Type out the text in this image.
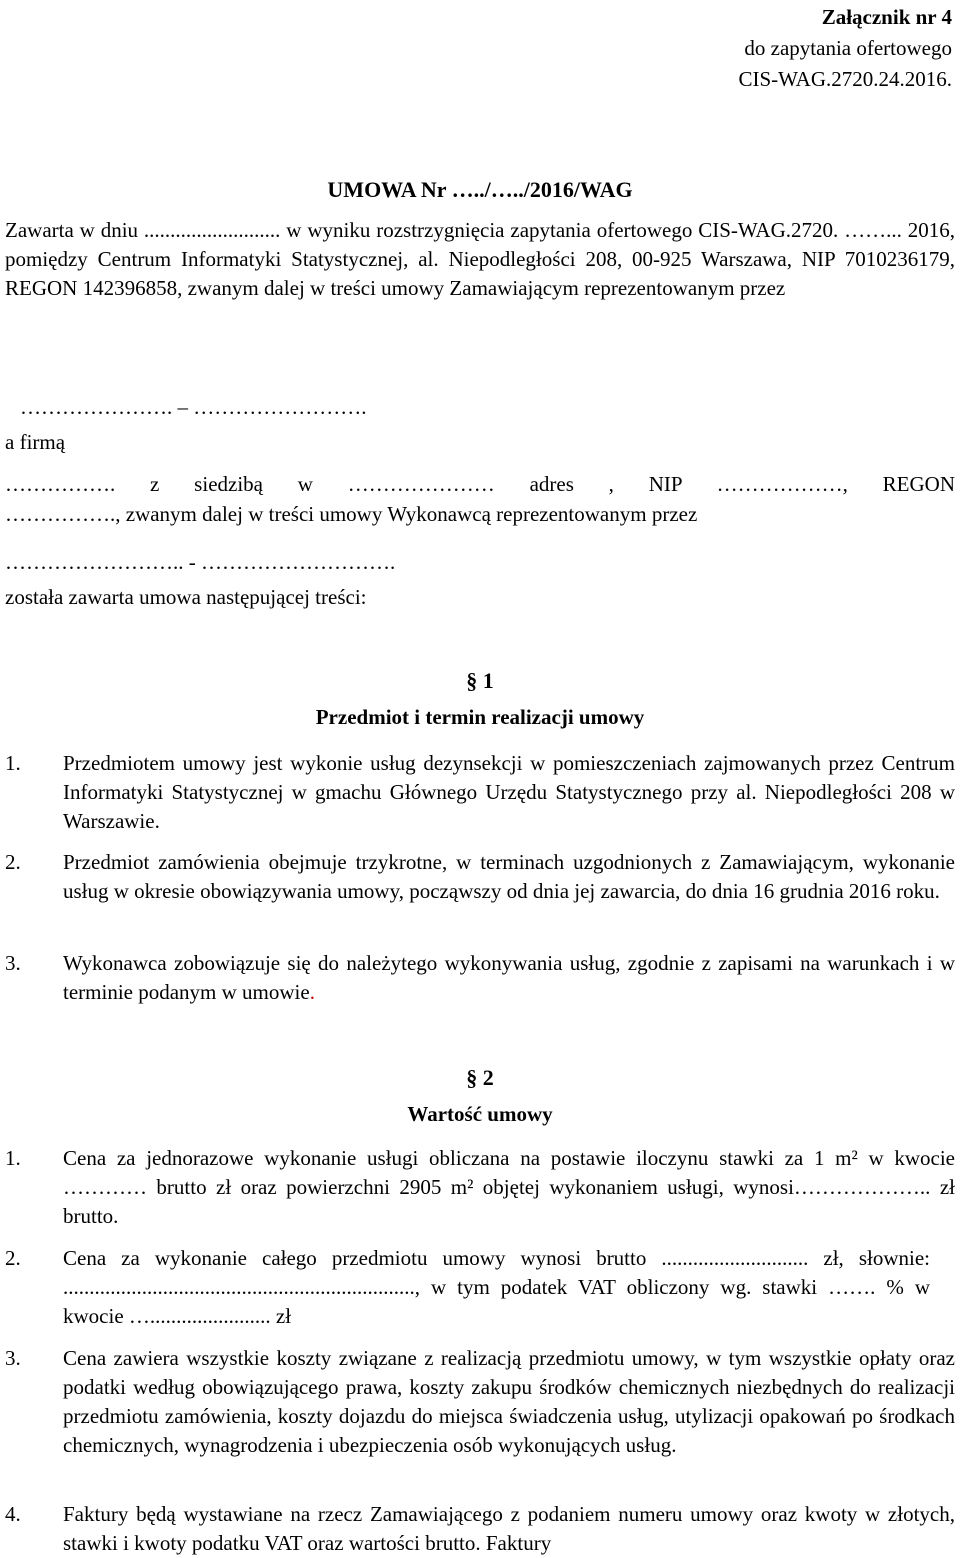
Załącznik nr 4
do zapytania ofertowego
CIS-WAG.2720.24.2016.
UMOWA Nr …../…../2016/WAG
Zawarta w dniu .......................... w wyniku rozstrzygnięcia zapytania ofertowego CIS-WAG.2720. ……... 2016, pomiędzy Centrum Informatyki Statystycznej, al. Niepodległości 208, 00-925 Warszawa, NIP 7010236179, REGON 142396858, zwanym dalej w treści umowy Zamawiającym reprezentowanym przez
…………………. – …………………….
a firmą
……………. z siedzibą w ………………… adres , NIP ………………, REGON
……………., zwanym dalej w treści umowy Wykonawcą reprezentowanym przez
…………………….. - ……………………….
została zawarta umowa następującej treści:
§ 1
Przedmiot i termin realizacji umowy
1. Przedmiotem umowy jest wykonie usług dezynsekcji w pomieszczeniach zajmowanych przez Centrum Informatyki Statystycznej w gmachu Głównego Urzędu Statystycznego przy al. Niepodległości 208 w Warszawie.
2. Przedmiot zamówienia obejmuje trzykrotne, w terminach uzgodnionych z Zamawiającym, wykonanie usług w okresie obowiązywania umowy, począwszy od dnia jej zawarcia, do dnia 16 grudnia 2016 roku.
3. Wykonawca zobowiązuje się do należytego wykonywania usług, zgodnie z zapisami na warunkach i w terminie podanym w umowie.
§ 2
Wartość umowy
1. Cena za jednorazowe wykonanie usługi obliczana na postawie iloczynu stawki za 1 m² w kwocie ………… brutto zł oraz powierzchni 2905 m² objętej wykonaniem usługi, wynosi……………….. zł brutto.
2. Cena za wykonanie całego przedmiotu umowy wynosi brutto ............................ zł, słownie: ..................................................................., w tym podatek VAT obliczony wg. stawki ……. % w kwocie …....................... zł
3. Cena zawiera wszystkie koszty związane z realizacją przedmiotu umowy, w tym wszystkie opłaty oraz podatki według obowiązującego prawa, koszty zakupu środków chemicznych niezbędnych do realizacji przedmiotu zamówienia, koszty dojazdu do miejsca świadczenia usług, utylizacji opakowań po środkach chemicznych, wynagrodzenia i ubezpieczenia osób wykonujących usług.
4. Faktury będą wystawiane na rzecz Zamawiającego z podaniem numeru umowy oraz kwoty w złotych, stawki i kwoty podatku VAT oraz wartości brutto. Faktury
